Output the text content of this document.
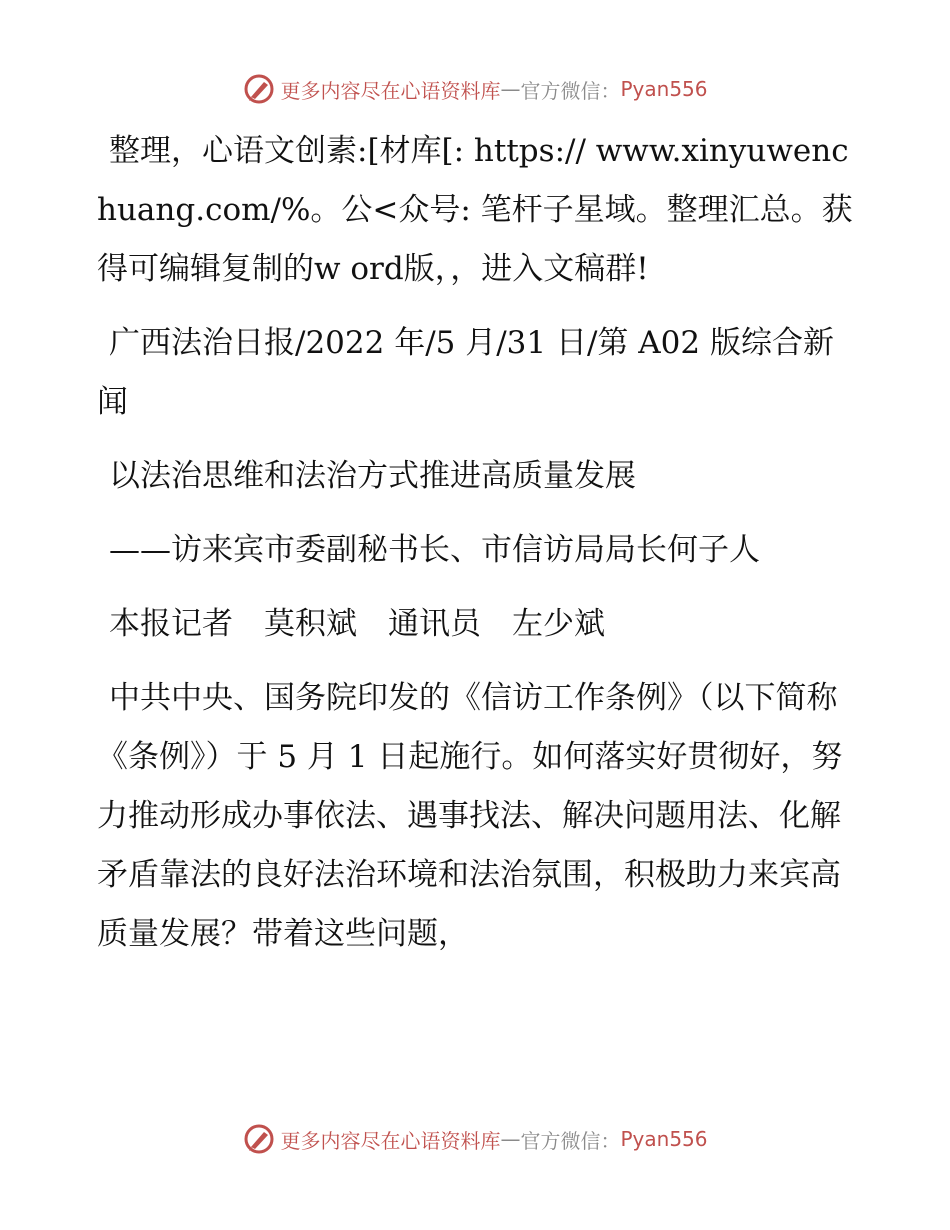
更多内容尽在心语资料库 — 官方微信： Pyan556

整理，心语文创素:[材库[: https:// www.xinyuwenchuang.com/%。公<众号: 笔杆子星域。整理汇总。获得可编辑复制的w ord版，，进入文稿群!

广西法治日报/2022 年/5 月/31 日/第 A02 版综合新闻

以法治思维和法治方式推进高质量发展

——访来宾市委副秘书长、市信访局局长何子人

本报记者　莫积斌　通讯员　左少斌

中共中央、国务院印发的《信访工作条例》（以下简称《条例》）于 5 月 1 日起施行。如何落实好贯彻好，努力推动形成办事依法、遇事找法、解决问题用法、化解矛盾靠法的良好法治环境和法治氛围，积极助力来宾高质量发展？带着这些问题，

更多内容尽在心语资料库 — 官方微信： Pyan556
